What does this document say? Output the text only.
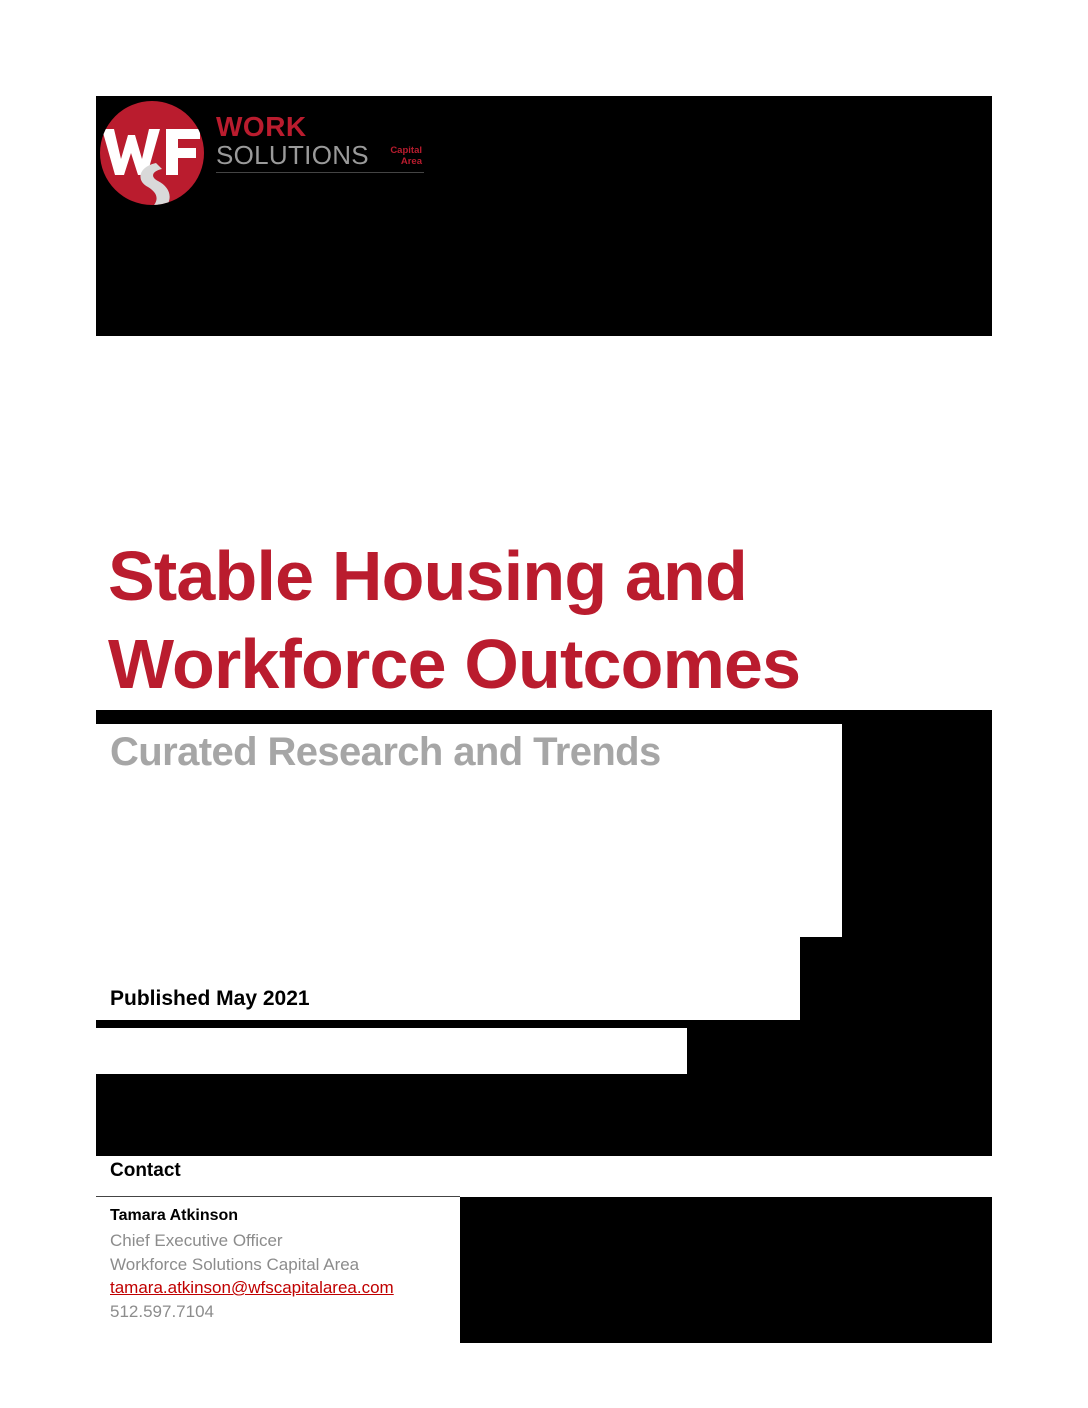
WORK
SOLUTIONS	Capital
Area
Stable Housing and
Workforce Outcomes
Curated Research and Trends
Published May 2021
Contact
Tamara Atkinson
Chief Executive Officer
Workforce Solutions Capital Area
tamara.atkinson@wfscapitalarea.com
512.597.7104
